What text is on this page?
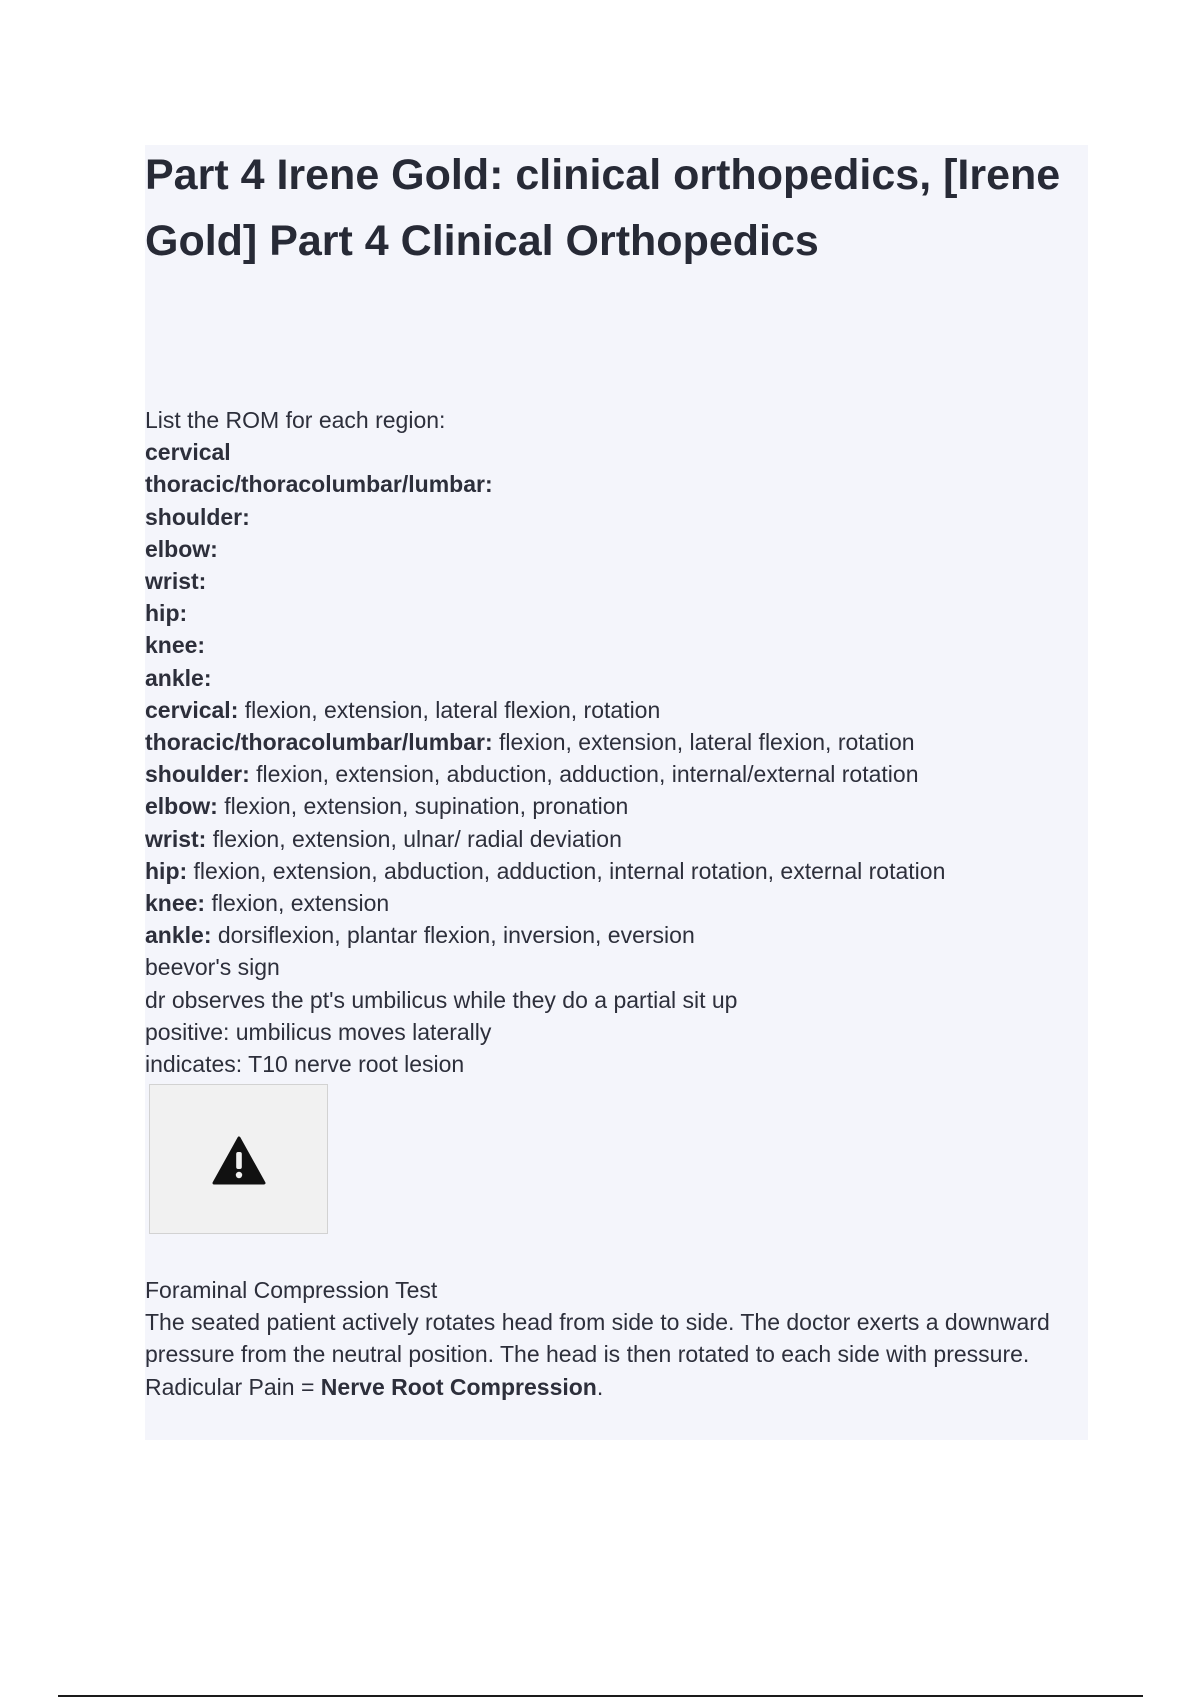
Part 4 Irene Gold: clinical orthopedics, [Irene Gold] Part 4 Clinical Orthopedics
List the ROM for each region:
cervical
thoracic/thoracolumbar/lumbar:
shoulder:
elbow:
wrist:
hip:
knee:
ankle:
cervical: flexion, extension, lateral flexion, rotation
thoracic/thoracolumbar/lumbar: flexion, extension, lateral flexion, rotation
shoulder: flexion, extension, abduction, adduction, internal/external rotation
elbow: flexion, extension, supination, pronation
wrist: flexion, extension, ulnar/ radial deviation
hip: flexion, extension, abduction, adduction, internal rotation, external rotation
knee: flexion, extension
ankle: dorsiflexion, plantar flexion, inversion, eversion
beevor's sign
dr observes the pt's umbilicus while they do a partial sit up
positive: umbilicus moves laterally
indicates: T10 nerve root lesion
Foraminal Compression Test
The seated patient actively rotates head from side to side. The doctor exerts a downward pressure from the neutral position. The head is then rotated to each side with pressure.
Radicular Pain = Nerve Root Compression.
